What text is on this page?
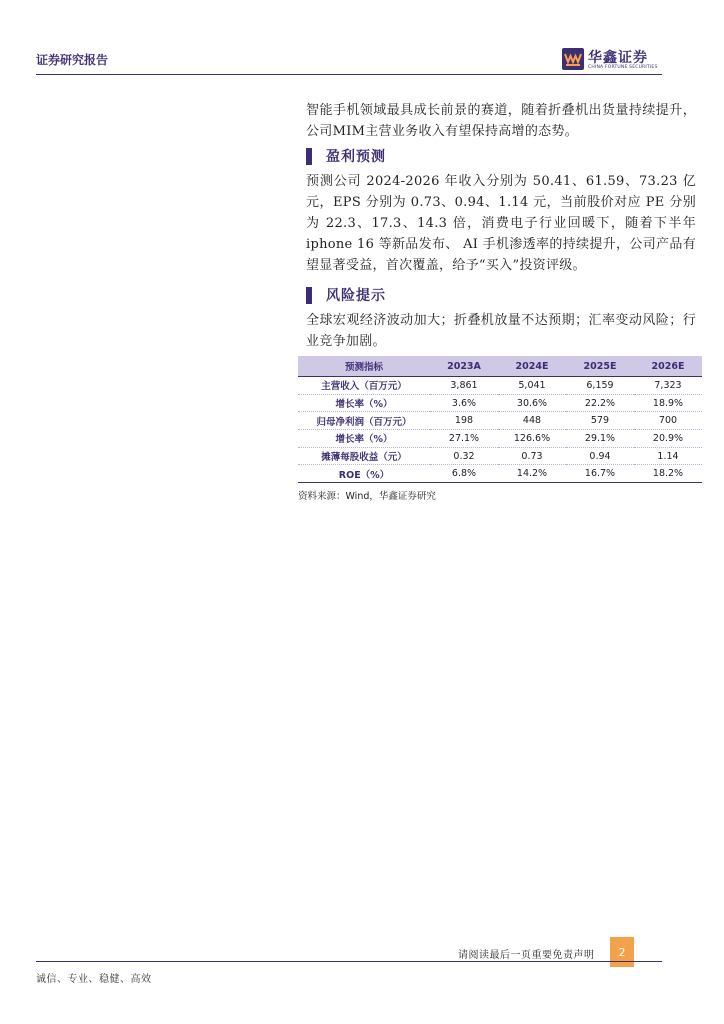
证券研究报告	华鑫证券
CHINA FORTUNE SECURITIES
智能手机领域最具成长前景的赛道，随着折叠机出货量持续提升，公司MIM主营业务收入有望保持高增的态势。
盈利预测
预测公司 2024-2026 年收入分别为 50.41、61.59、73.23 亿元，EPS 分别为 0.73、0.94、1.14 元，当前股价对应 PE 分别为 22.3、17.3、14.3 倍，消费电子行业回暖下，随着下半年 iphone 16 等新品发布、 AI 手机渗透率的持续提升，公司产品有望显著受益，首次覆盖，给予“买入”投资评级。
风险提示
全球宏观经济波动加大；折叠机放量不达预期；汇率变动风险；行业竞争加剧。
预测指标	2023A	2024E	2025E	2026E
主营收入（百万元）	3,861	5,041	6,159	7,323
增长率（%）	3.6%	30.6%	22.2%	18.9%
归母净利润（百万元）	198	448	579	700
增长率（%）	27.1%	126.6%	29.1%	20.9%
摊薄每股收益（元）	0.32	0.73	0.94	1.14
ROE（%）	6.8%	14.2%	16.7%	18.2%
资料来源：Wind，华鑫证券研究
请阅读最后一页重要免责声明	2
诚信、专业、稳健、高效
